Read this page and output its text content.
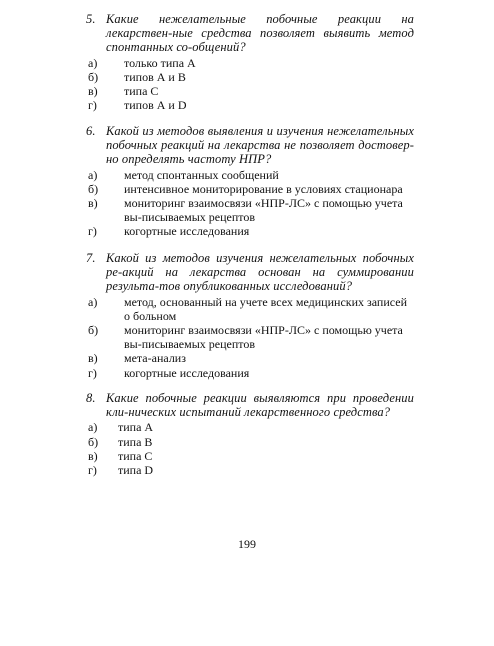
5. Какие нежелательные побочные реакции на лекарствен-ные средства позволяет выявить метод спонтанных со-общений?
а) только типа А
б) типов А и В
в) типа С
г) типов А и D
6. Какой из методов выявления и изучения нежелательных побочных реакций на лекарства не позволяет достовер-но определять частоту НПР?
а) метод спонтанных сообщений
б) интенсивное мониторирование в условиях стационара
в) мониторинг взаимосвязи «НПР-ЛС» с помощью учета вы-писываемых рецептов
г) когортные исследования
7. Какой из методов изучения нежелательных побочных ре-акций на лекарства основан на суммировании результа-тов опубликованных исследований?
а) метод, основанный на учете всех медицинских записей о больном
б) мониторинг взаимосвязи «НПР-ЛС» с помощью учета вы-писываемых рецептов
в) мета-анализ
г) когортные исследования
8. Какие побочные реакции выявляются при проведении кли-нических испытаний лекарственного средства?
а) типа А
б) типа В
в) типа С
г) типа D
199
